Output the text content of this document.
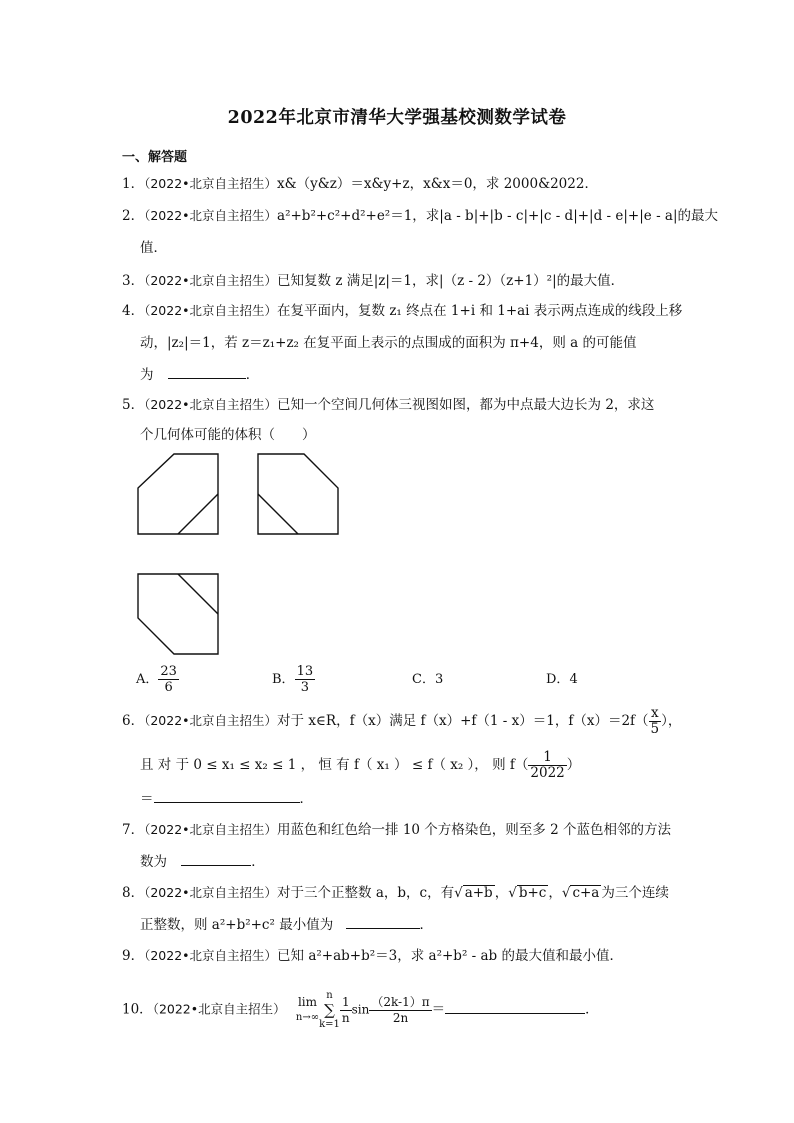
2022年北京市清华大学强基校测数学试卷
一、解答题
1．（2022•北京自主招生）x&（y&z）＝x&y+z，x&x＝0，求 2000&2022．
2．（2022•北京自主招生）a²+b²+c²+d²+e²＝1，求|a - b|+|b - c|+|c - d|+|d - e|+|e - a|的最大
值．
3．（2022•北京自主招生）已知复数 z 满足|z|＝1，求|（z - 2）（z+1）²|的最大值．
4．（2022•北京自主招生）在复平面内，复数 z₁ 终点在 1+i 和 1+ai 表示两点连成的线段上移
动，|z₂|＝1，若 z＝z₁+z₂ 在复平面上表示的点围成的面积为 π+4，则 a 的可能值
为	．
5．（2022•北京自主招生）已知一个空间几何体三视图如图，都为中点最大边长为 2，求这
个几何体可能的体积（　　）
A． $\frac{23}{6}$	B． $\frac{13}{3}$	C．3	D．4
6．（2022•北京自主招生）对于 x∈R，f（x）满足 f（x）+f（1 - x）＝1，$f(x)=2f( \frac{x}{5}$ ），
且 对 于 0 ≤ x₁ ≤ x₂ ≤ 1 ， 恒 有 f（ x₁ ） ≤ f（ x₂ ）， 则 $f( \frac{1}{2022}$ ）
＝	．
7．（2022•北京自主招生）用蓝色和红色给一排 10 个方格染色，则至多 2 个蓝色相邻的方法
数为	．
8．（2022•北京自主招生）对于三个正整数 a，b，c，有√ a+b ，√ b+c ，√ c+a 为三个连续
正整数，则 a²+b²+c² 最小值为	．
9．（2022•北京自主招生）已知 a²+ab+b²＝3，求 a²+b² - ab 的最大值和最小值．
10．（2022•北京自主招生） lim
n→∞
n
∑
$k=1 \frac{1}{n}$ $\sin \frac{(2k-1)\pi}{2n}$ ＝	．
